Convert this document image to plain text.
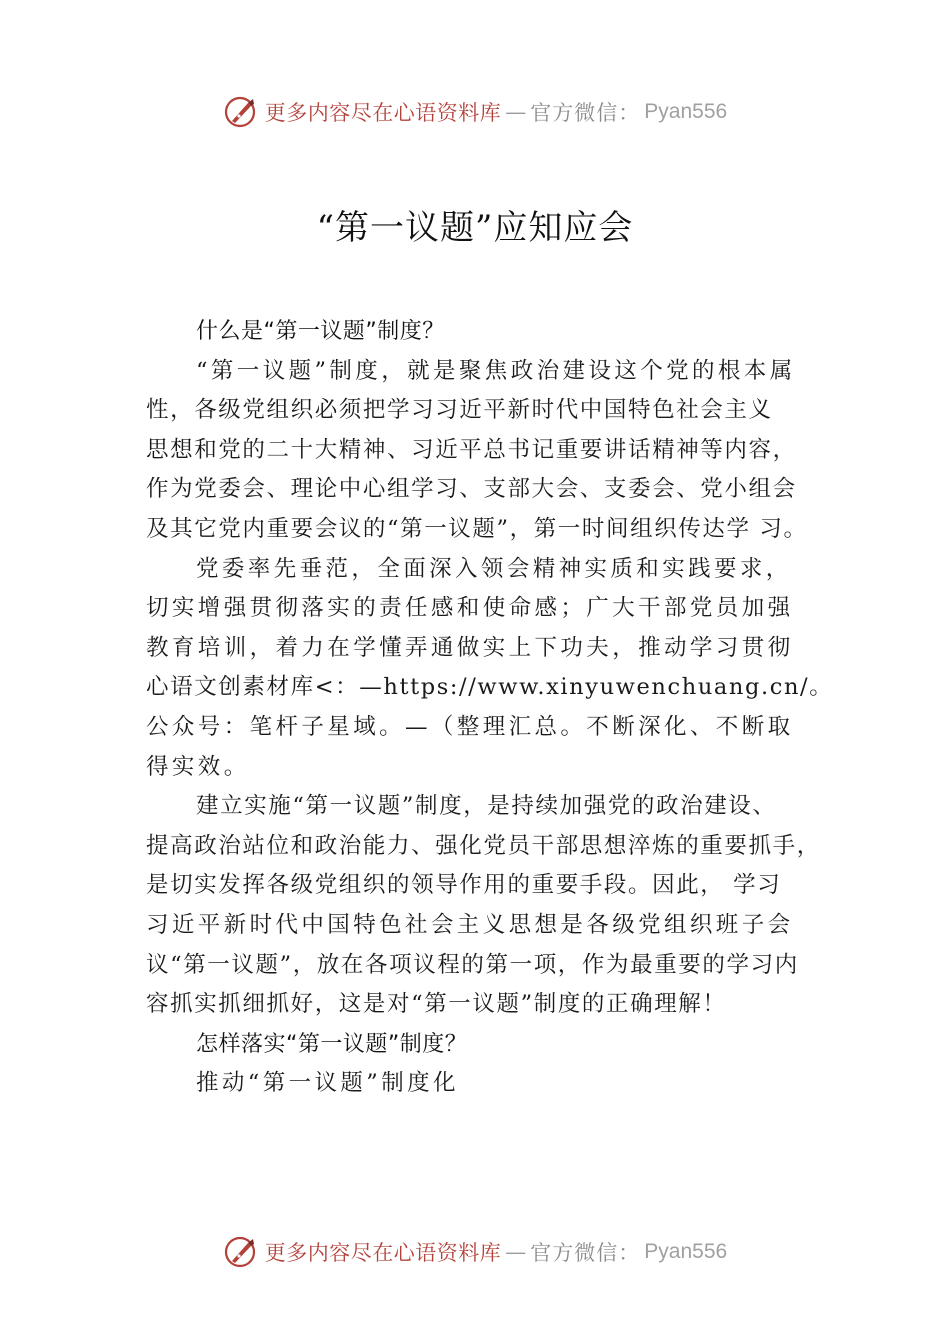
更多内容尽在心语资料库 — 官方微信： Pyan556
“第一议题”应知应会
什么是“第一议题”制度？
“第一议题”制度，就是聚焦政治建设这个党的根本属
性，各级党组织必须把学习习近平新时代中国特色社会主义
思想和党的二十大精神、习近平总书记重要讲话精神等内容，
作为党委会、理论中心组学习、支部大会、支委会、党小组会
及其它党内重要会议的“第一议题”，第一时间组织传达学 习。
党委率先垂范，全面深入领会精神实质和实践要求，
切实增强贯彻落实的责任感和使命感；广大干部党员加强
教育培训，着力在学懂弄通做实上下功夫，推动学习贯彻
心语文创素材库<：—https://www.xinyuwenchuang.cn/。
公众号：笔杆子星域。—（整理汇总。不断深化、不断取
得实效。
建立实施“第一议题”制度，是持续加强党的政治建设、
提高政治站位和政治能力、强化党员干部思想淬炼的重要抓手，
是切实发挥各级党组织的领导作用的重要手段。因此， 学习
习近平新时代中国特色社会主义思想是各级党组织班子会
议“第一议题”，放在各项议程的第一项，作为最重要的学习内
容抓实抓细抓好，这是对“第一议题”制度的正确理解！
怎样落实“第一议题”制度？
推动“第一议题”制度化
更多内容尽在心语资料库 — 官方微信： Pyan556
